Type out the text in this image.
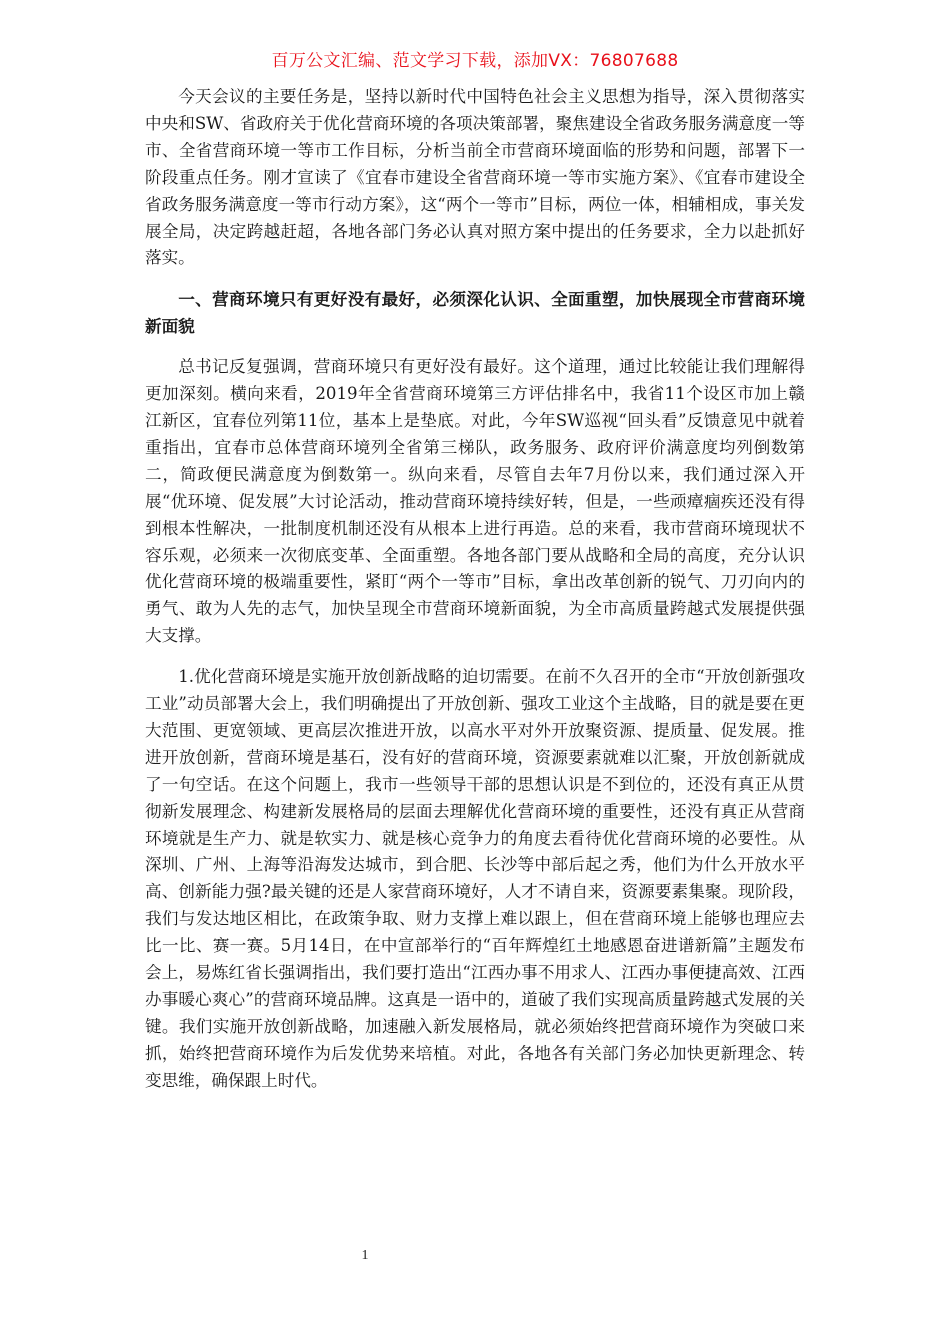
百万公文汇编、范文学习下载，添加VX：76807688

今天会议的主要任务是，坚持以新时代中国特色社会主义思想为指导，深入贯彻落实中央和SW、省政府关于优化营商环境的各项决策部署，聚焦建设全省政务服务满意度一等市、全省营商环境一等市工作目标，分析当前全市营商环境面临的形势和问题，部署下一阶段重点任务。刚才宣读了《宜春市建设全省营商环境一等市实施方案》、《宜春市建设全省政务服务满意度一等市行动方案》，这“两个一等市”目标，两位一体，相辅相成，事关发展全局，决定跨越赶超，各地各部门务必认真对照方案中提出的任务要求，全力以赴抓好落实。

一、营商环境只有更好没有最好，必须深化认识、全面重塑，加快展现全市营商环境新面貌

总书记反复强调，营商环境只有更好没有最好。这个道理，通过比较能让我们理解得更加深刻。横向来看，2019年全省营商环境第三方评估排名中，我省11个设区市加上赣江新区，宜春位列第11位，基本上是垫底。对此，今年SW巡视“回头看”反馈意见中就着重指出，宜春市总体营商环境列全省第三梯队，政务服务、政府评价满意度均列倒数第二，简政便民满意度为倒数第一。纵向来看，尽管自去年7月份以来，我们通过深入开展“优环境、促发展”大讨论活动，推动营商环境持续好转，但是，一些顽瘴痼疾还没有得到根本性解决，一批制度机制还没有从根本上进行再造。总的来看，我市营商环境现状不容乐观，必须来一次彻底变革、全面重塑。各地各部门要从战略和全局的高度，充分认识优化营商环境的极端重要性，紧盯“两个一等市”目标，拿出改革创新的锐气、刀刃向内的勇气、敢为人先的志气，加快呈现全市营商环境新面貌，为全市高质量跨越式发展提供强大支撑。

1.优化营商环境是实施开放创新战略的迫切需要。在前不久召开的全市“开放创新强攻工业”动员部署大会上，我们明确提出了开放创新、强攻工业这个主战略，目的就是要在更大范围、更宽领域、更高层次推进开放，以高水平对外开放聚资源、提质量、促发展。推进开放创新，营商环境是基石，没有好的营商环境，资源要素就难以汇聚，开放创新就成了一句空话。在这个问题上，我市一些领导干部的思想认识是不到位的，还没有真正从贯彻新发展理念、构建新发展格局的层面去理解优化营商环境的重要性，还没有真正从营商环境就是生产力、就是软实力、就是核心竞争力的角度去看待优化营商环境的必要性。从深圳、广州、上海等沿海发达城市，到合肥、长沙等中部后起之秀，他们为什么开放水平高、创新能力强?最关键的还是人家营商环境好，人才不请自来，资源要素集聚。现阶段，我们与发达地区相比，在政策争取、财力支撑上难以跟上，但在营商环境上能够也理应去比一比、赛一赛。5月14日，在中宣部举行的“百年辉煌红土地感恩奋进谱新篇”主题发布会上，易炼红省长强调指出，我们要打造出“江西办事不用求人、江西办事便捷高效、江西办事暖心爽心”的营商环境品牌。这真是一语中的，道破了我们实现高质量跨越式发展的关键。我们实施开放创新战略，加速融入新发展格局，就必须始终把营商环境作为突破口来抓，始终把营商环境作为后发优势来培植。对此，各地各有关部门务必加快更新理念、转变思维，确保跟上时代。

1
